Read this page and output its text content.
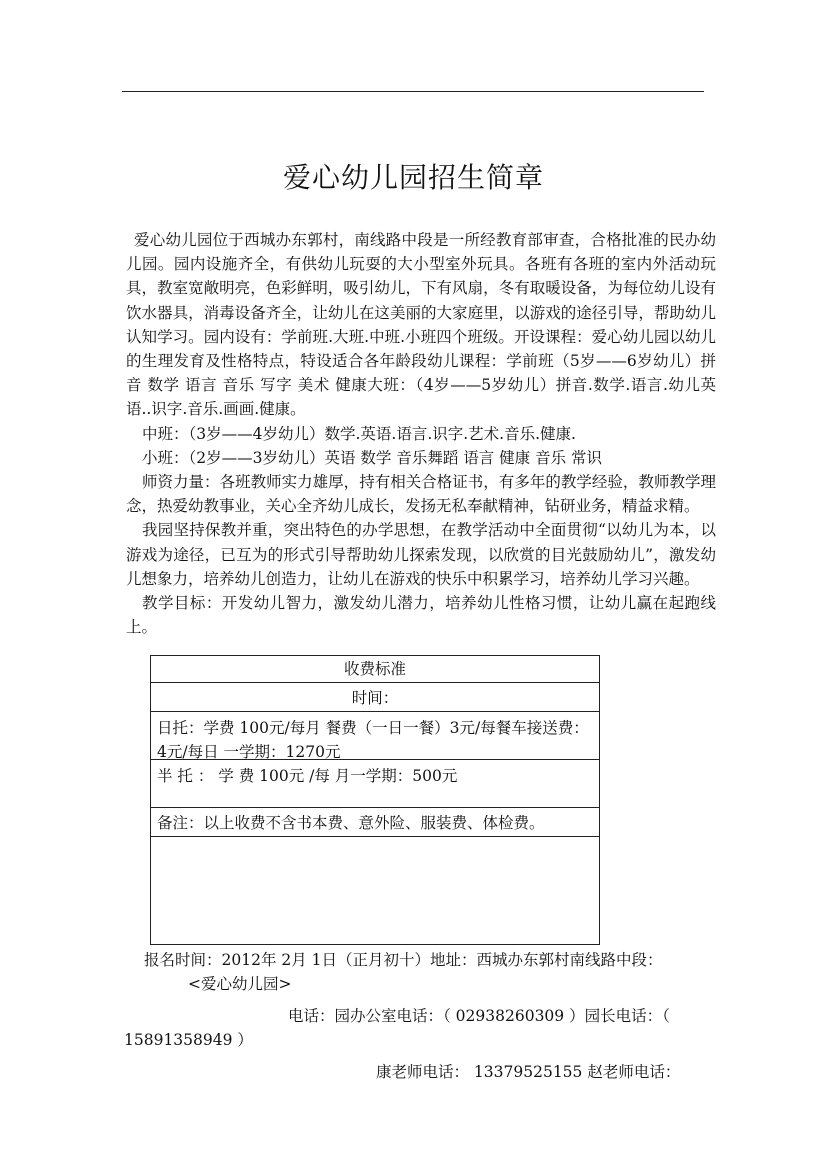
爱心幼儿园招生简章

爱心幼儿园位于西城办东郭村，南线路中段是一所经教育部审查，合格批准的民办幼儿园。园内设施齐全，有供幼儿玩耍的大小型室外玩具。各班有各班的室内外活动玩具，教室宽敞明亮，色彩鲜明，吸引幼儿，下有风扇，冬有取暖设备，为每位幼儿设有饮水器具，消毒设备齐全，让幼儿在这美丽的大家庭里，以游戏的途径引导，帮助幼儿认知学习。园内设有：学前班.大班.中班.小班四个班级。开设课程：爱心幼儿园以幼儿的生理发育及性格特点，特设适合各年龄段幼儿课程：学前班（5岁——6岁幼儿）拼音 数学 语言 音乐 写字 美术 健康大班：（4岁——5岁幼儿）拼音.数学.语言.幼儿英语..识字.音乐.画画.健康。

中班：（3岁——4岁幼儿）数学.英语.语言.识字.艺术.音乐.健康.

小班：（2岁——3岁幼儿）英语 数学 音乐舞蹈 语言 健康 音乐 常识

师资力量：各班教师实力雄厚，持有相关合格证书，有多年的教学经验，教师教学理念，热爱幼教事业，关心全齐幼儿成长，发扬无私奉献精神，钻研业务，精益求精。

我园坚持保教并重，突出特色的办学思想，在教学活动中全面贯彻“以幼儿为本，以游戏为途径，已互为的形式引导帮助幼儿探索发现，以欣赏的目光鼓励幼儿”，激发幼儿想象力，培养幼儿创造力，让幼儿在游戏的快乐中积累学习，培养幼儿学习兴趣。

教学目标：开发幼儿智力，激发幼儿潜力，培养幼儿性格习惯，让幼儿赢在起跑线上。

收费标准
时间：
日托：学费 100元/每月 餐费（一日一餐）3元/每餐车接送费：4元/每日 一学期：1270元
半 托 ： 学 费 100元 /每 月一学期：500元
备注：以上收费不含书本费、意外险、服装费、体检费。

报名时间：2012年 2月 1日（正月初十）地址：西城办东郭村南线路中段：

<爱心幼儿园>

电话：园办公室电话：（ 02938260309 ）园长电话：（

15891358949 ）

康老师电话： 13379525155 赵老师电话：
